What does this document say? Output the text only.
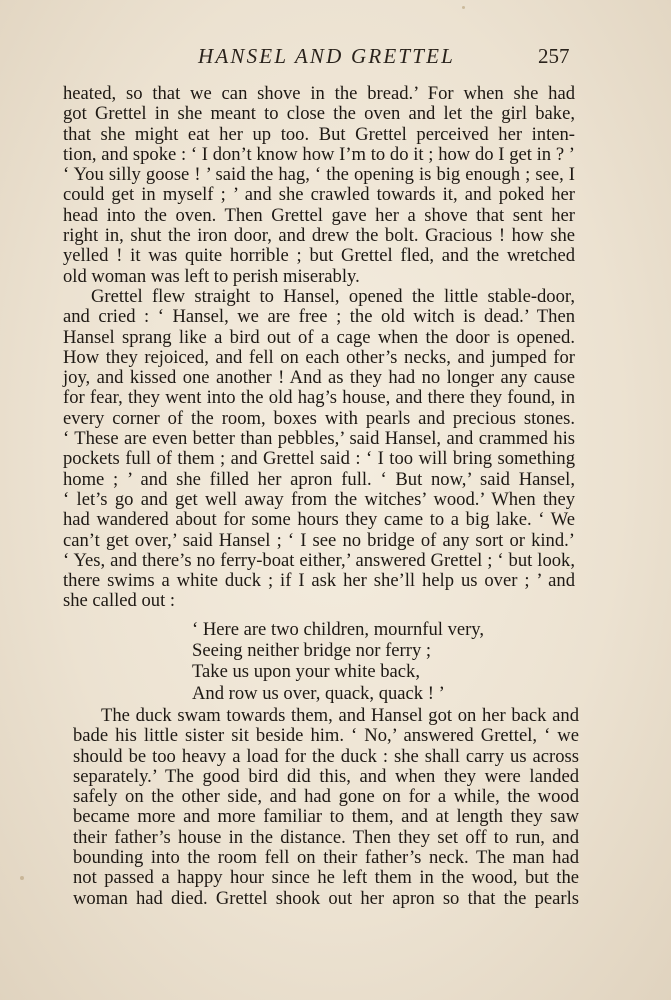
HANSEL AND GRETTEL	257
heated, so that we can shove in the bread.’ For when she had
got Grettel in she meant to close the oven and let the girl bake,
that she might eat her up too. But Grettel perceived her inten-
tion, and spoke : ‘ I don’t know how I’m to do it ; how do I get in ? ’
‘ You silly goose ! ’ said the hag, ‘ the opening is big enough ; see, I
could get in myself ; ’ and she crawled towards it, and poked her
head into the oven. Then Grettel gave her a shove that sent her
right in, shut the iron door, and drew the bolt. Gracious ! how she
yelled ! it was quite horrible ; but Grettel fled, and the wretched
old woman was left to perish miserably.
Grettel flew straight to Hansel, opened the little stable-door,
and cried : ‘ Hansel, we are free ; the old witch is dead.’ Then
Hansel sprang like a bird out of a cage when the door is opened.
How they rejoiced, and fell on each other’s necks, and jumped for
joy, and kissed one another ! And as they had no longer any cause
for fear, they went into the old hag’s house, and there they found, in
every corner of the room, boxes with pearls and precious stones.
‘ These are even better than pebbles,’ said Hansel, and crammed his
pockets full of them ; and Grettel said : ‘ I too will bring something
home ; ’ and she filled her apron full. ‘ But now,’ said Hansel,
‘ let’s go and get well away from the witches’ wood.’ When they
had wandered about for some hours they came to a big lake. ‘ We
can’t get over,’ said Hansel ; ‘ I see no bridge of any sort or kind.’
‘ Yes, and there’s no ferry-boat either,’ answered Grettel ; ‘ but look,
there swims a white duck ; if I ask her she’ll help us over ; ’ and
she called out :
‘ Here are two children, mournful very,
Seeing neither bridge nor ferry ;
Take us upon your white back,
And row us over, quack, quack ! ’
The duck swam towards them, and Hansel got on her back and
bade his little sister sit beside him. ‘ No,’ answered Grettel, ‘ we
should be too heavy a load for the duck : she shall carry us across
separately.’ The good bird did this, and when they were landed
safely on the other side, and had gone on for a while, the wood
became more and more familiar to them, and at length they saw
their father’s house in the distance. Then they set off to run, and
bounding into the room fell on their father’s neck. The man had
not passed a happy hour since he left them in the wood, but the
woman had died. Grettel shook out her apron so that the pearls
